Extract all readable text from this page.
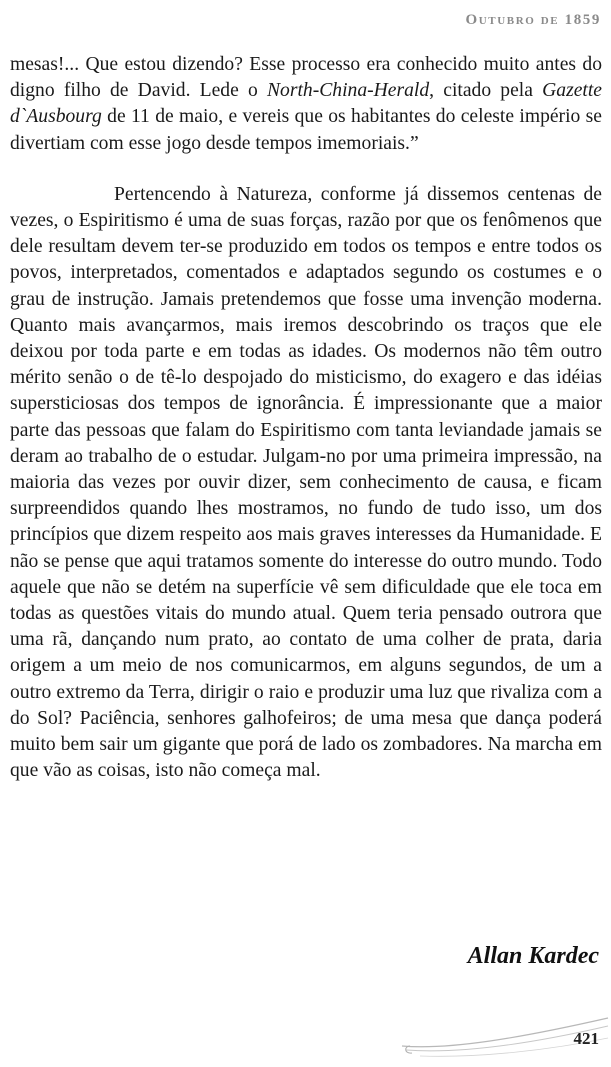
Outubro de 1859

mesas!... Que estou dizendo? Esse processo era conhecido muito antes do digno filho de David. Lede o North-China-Herald, citado pela Gazette d`Ausbourg de 11 de maio, e vereis que os habitantes do celeste império se divertiam com esse jogo desde tempos imemoriais.”

Pertencendo à Natureza, conforme já dissemos centenas de vezes, o Espiritismo é uma de suas forças, razão por que os fenômenos que dele resultam devem ter-se produzido em todos os tempos e entre todos os povos, interpretados, comentados e adaptados segundo os costumes e o grau de instrução. Jamais pretendemos que fosse uma invenção moderna. Quanto mais avançarmos, mais iremos descobrindo os traços que ele deixou por toda parte e em todas as idades. Os modernos não têm outro mérito senão o de tê-lo despojado do misticismo, do exagero e das idéias supersticiosas dos tempos de ignorância. É impressionante que a maior parte das pessoas que falam do Espiritismo com tanta leviandade jamais se deram ao trabalho de o estudar. Julgam-no por uma primeira impressão, na maioria das vezes por ouvir dizer, sem conhecimento de causa, e ficam surpreendidos quando lhes mostramos, no fundo de tudo isso, um dos princípios que dizem respeito aos mais graves interesses da Humanidade. E não se pense que aqui tratamos somente do interesse do outro mundo. Todo aquele que não se detém na superfície vê sem dificuldade que ele toca em todas as questões vitais do mundo atual. Quem teria pensado outrora que uma rã, dançando num prato, ao contato de uma colher de prata, daria origem a um meio de nos comunicarmos, em alguns segundos, de um a outro extremo da Terra, dirigir o raio e produzir uma luz que rivaliza com a do Sol? Paciência, senhores galhofeiros; de uma mesa que dança poderá muito bem sair um gigante que porá de lado os zombadores. Na marcha em que vão as coisas, isto não começa mal.

Allan Kardec
421
